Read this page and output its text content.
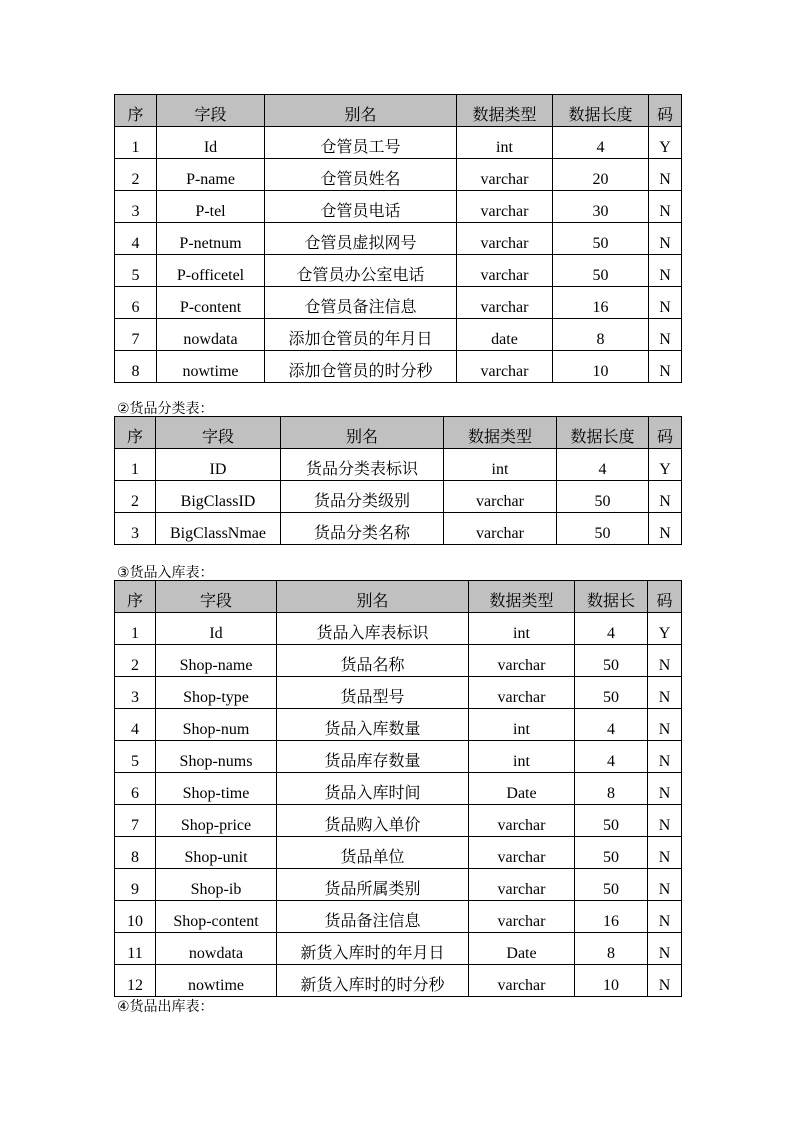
序	字段	别名	数据类型	数据长度	码
1	Id	仓管员工号	int	4	Y
2	P-name	仓管员姓名	varchar	20	N
3	P-tel	仓管员电话	varchar	30	N
4	P-netnum	仓管员虚拟网号	varchar	50	N
5	P-officetel	仓管员办公室电话	varchar	50	N
6	P-content	仓管员备注信息	varchar	16	N
7	nowdata	添加仓管员的年月日	date	8	N
8	nowtime	添加仓管员的时分秒	varchar	10	N
②货品分类表：
序	字段	别名	数据类型	数据长度	码
1	ID	货品分类表标识	int	4	Y
2	BigClassID	货品分类级别	varchar	50	N
3	BigClassNmae	货品分类名称	varchar	50	N
③货品入库表：
序	字段	别名	数据类型	数据长	码
1	Id	货品入库表标识	int	4	Y
2	Shop-name	货品名称	varchar	50	N
3	Shop-type	货品型号	varchar	50	N
4	Shop-num	货品入库数量	int	4	N
5	Shop-nums	货品库存数量	int	4	N
6	Shop-time	货品入库时间	Date	8	N
7	Shop-price	货品购入单价	varchar	50	N
8	Shop-unit	货品单位	varchar	50	N
9	Shop-ib	货品所属类别	varchar	50	N
10	Shop-content	货品备注信息	varchar	16	N
11	nowdata	新货入库时的年月日	Date	8	N
12	nowtime	新货入库时的时分秒	varchar	10	N
④货品出库表：
